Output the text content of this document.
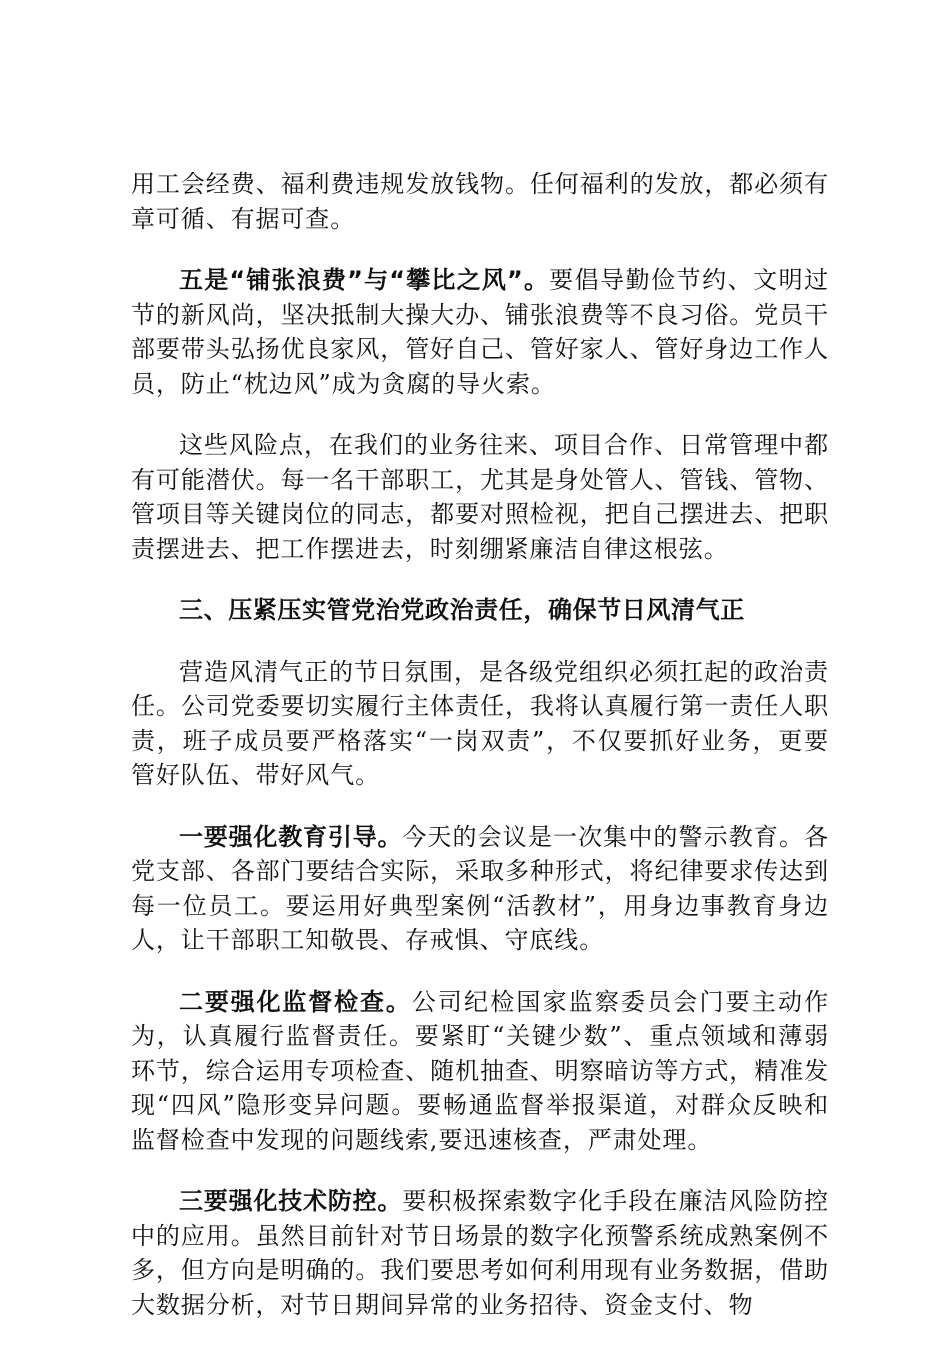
用工会经费、福利费违规发放钱物。任何福利的发放，都必须有章可循、有据可查。

五是“铺张浪费”与“攀比之风”。要倡导勤俭节约、文明过节的新风尚，坚决抵制大操大办、铺张浪费等不良习俗。党员干部要带头弘扬优良家风，管好自己、管好家人、管好身边工作人员，防止“枕边风”成为贪腐的导火索。

这些风险点，在我们的业务往来、项目合作、日常管理中都有可能潜伏。每一名干部职工，尤其是身处管人、管钱、管物、管项目等关键岗位的同志，都要对照检视，把自己摆进去、把职责摆进去、把工作摆进去，时刻绷紧廉洁自律这根弦。

三、压紧压实管党治党政治责任，确保节日风清气正

营造风清气正的节日氛围，是各级党组织必须扛起的政治责任。公司党委要切实履行主体责任，我将认真履行第一责任人职责，班子成员要严格落实“一岗双责”，不仅要抓好业务，更要管好队伍、带好风气。

一要强化教育引导。今天的会议是一次集中的警示教育。各党支部、各部门要结合实际，采取多种形式，将纪律要求传达到每一位员工。要运用好典型案例“活教材”，用身边事教育身边人，让干部职工知敬畏、存戒惧、守底线。

二要强化监督检查。公司纪检国家监察委员会门要主动作为，认真履行监督责任。要紧盯“关键少数”、重点领域和薄弱环节，综合运用专项检查、随机抽查、明察暗访等方式，精准发现“四风”隐形变异问题。要畅通监督举报渠道，对群众反映和监督检查中发现的问题线索,要迅速核查，严肃处理。

三要强化技术防控。要积极探索数字化手段在廉洁风险防控中的应用。虽然目前针对节日场景的数字化预警系统成熟案例不多，但方向是明确的。我们要思考如何利用现有业务数据，借助大数据分析，对节日期间异常的业务招待、资金支付、物
